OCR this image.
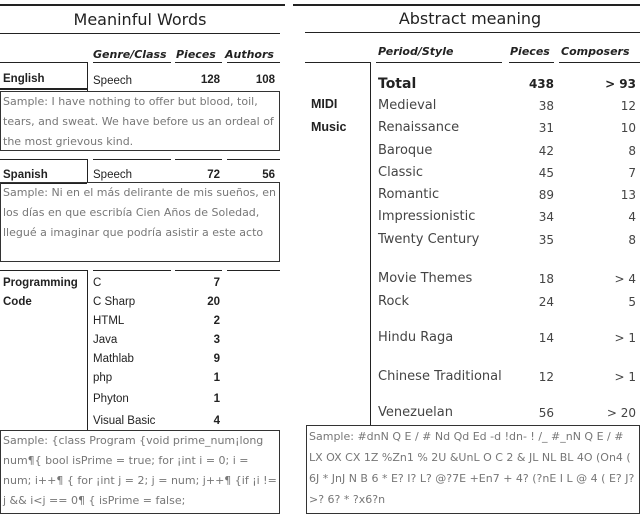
Meaninful Words
Genre/Class Pieces Authors
English	Speech	128	108
Sample: I have nothing to offer but blood, toil, tears, and sweat. We have before us an ordeal of the most grievous kind.
Spanish	Speech	72	56
Sample: Ni en el más delirante de mis sueños, en los días en que escribía Cien Años de Soledad, llegué a imaginar que podría asistir a este acto
Programming
Code
C	7
C Sharp	20
HTML	2
Java	3
Mathlab	9
php	1
Phyton	1
Visual Basic	4
Sample: {class Program {void prime_num¡long num¶{ bool isPrime = true; for ¡int i = 0; i = num; i++¶ { for ¡int j = 2; j = num; j++¶ {if ¡i != j && i<j == 0¶ { isPrime = false;
Abstract meaning
Period/Style	Pieces Composers
MIDI
Music
Total	438	> 93
Medieval	38	12
Renaissance	31	10
Baroque	42	8
Classic	45	7
Romantic	89	13
Impressionistic	34	4
Twenty Century	35	8
Movie Themes	18	> 4
Rock	24	5
Hindu Raga	14	> 1
Chinese Traditional	12	> 1
Venezuelan	56	> 20
Sample: #dnN Q E / # Nd Qd Ed -d !dn- ! /_ #_nN Q E / # LX OX CX 1Z %Zn1 % 2U &UnL O C 2 & JL NL BL 4O (On4 ( 6J * JnJ N B 6 * E? I? L? @?7E +En7 + 4? (?nE I L @ 4 ( E? J? >? 6? * ?x6?n
